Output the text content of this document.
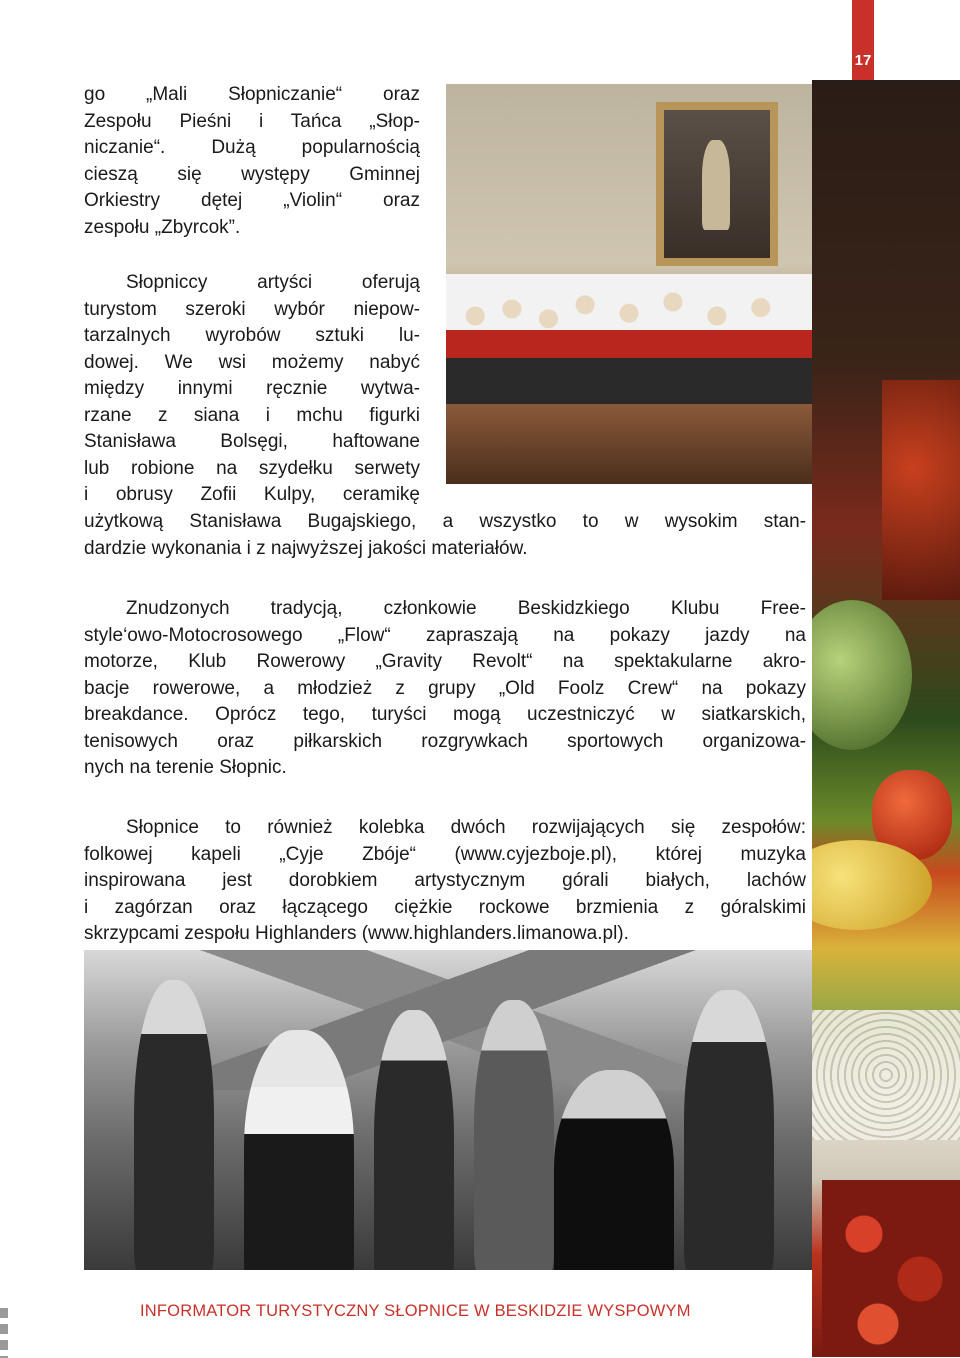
17
go „Mali Słopniczanie“ oraz
Zespołu Pieśni i Tańca „Słop-
niczanie“. Dużą popularnością
cieszą się występy Gminnej
Orkiestry dętej „Violin“ oraz
zespołu „Zbyrcok”.
Słopniccy artyści oferują
turystom szeroki wybór niepow-
tarzalnych wyrobów sztuki lu-
dowej. We wsi możemy nabyć
między innymi ręcznie wytwa-
rzane z siana i mchu figurki
Stanisława Bolsęgi, haftowane
lub robione na szydełku serwety
i obrusy Zofii Kulpy, ceramikę
użytkową Stanisława Bugajskiego, a wszystko to w wysokim stan-
dardzie wykonania i z najwyższej jakości materiałów.
Znudzonych tradycją, członkowie Beskidzkiego Klubu Free-
style‘owo-Motocrosowego „Flow“ zapraszają na pokazy jazdy na
motorze, Klub Rowerowy „Gravity Revolt“ na spektakularne akro-
bacje rowerowe, a młodzież z grupy „Old Foolz Crew“ na pokazy
breakdance. Oprócz tego, turyści mogą uczestniczyć w siatkarskich,
tenisowych oraz piłkarskich rozgrywkach sportowych organizowa-
nych na terenie Słopnic.
Słopnice to również kolebka dwóch rozwijających się zespołów:
folkowej kapeli „Cyje Zbóje“ (www.cyjezboje.pl), której muzyka
inspirowana jest dorobkiem artystycznym górali białych, lachów
i zagórzan oraz łączącego ciężkie rockowe brzmienia z góralskimi
skrzypcami zespołu Highlanders (www.highlanders.limanowa.pl).
INFORMATOR TURYSTYCZNY SŁOPNICE W BESKIDZIE WYSPOWYM
